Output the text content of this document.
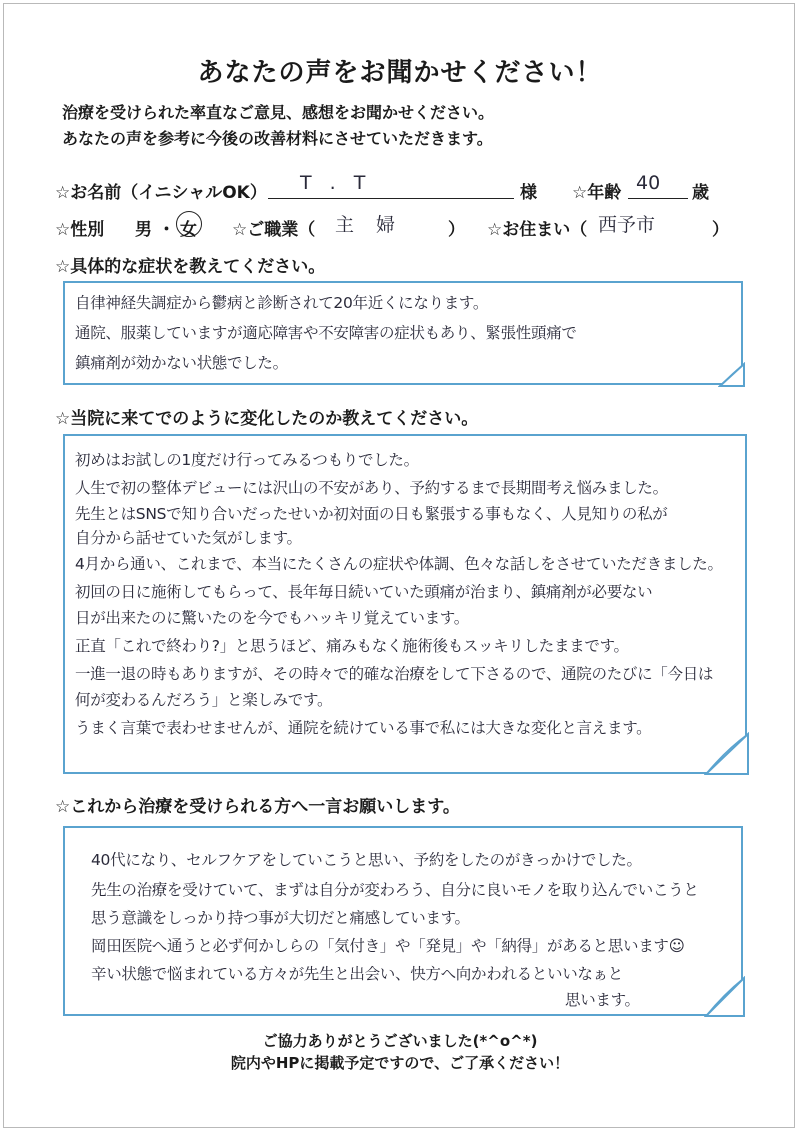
あなたの声をお聞かせください！
治療を受けられた率直なご意見、感想をお聞かせください。
あなたの声を参考に今後の改善材料にさせていただきます。
☆お名前（イニシャルOK） T . T	様 ☆年齢 40 歳
☆性別 男 ・ 女 ☆ご職業（ 主 婦	） ☆お住まい（ 西予市	）
☆具体的な症状を教えてください。
自律神経失調症から鬱病と診断されて20年近くになります。
通院、服薬していますが適応障害や不安障害の症状もあり、緊張性頭痛で
鎮痛剤が効かない状態でした。
☆当院に来てでのように変化したのか教えてください。
初めはお試しの1度だけ行ってみるつもりでした。
人生で初の整体デビューには沢山の不安があり、予約するまで長期間考え悩みました。
先生とはSNSで知り合いだったせいか初対面の日も緊張する事もなく、人見知りの私が
自分から話せていた気がします。
4月から通い、これまで、本当にたくさんの症状や体調、色々な話しをさせていただきました。
初回の日に施術してもらって、長年毎日続いていた頭痛が治まり、鎮痛剤が必要ない
日が出来たのに驚いたのを今でもハッキリ覚えています。
正直「これで終わり?」と思うほど、痛みもなく施術後もスッキリしたままです。
一進一退の時もありますが、その時々で的確な治療をして下さるので、通院のたびに「今日は
何が変わるんだろう」と楽しみです。
うまく言葉で表わせませんが、通院を続けている事で私には大きな変化と言えます。
☆これから治療を受けられる方へ一言お願いします。
40代になり、セルフケアをしていこうと思い、予約をしたのがきっかけでした。
先生の治療を受けていて、まずは自分が変わろう、自分に良いモノを取り込んでいこうと
思う意識をしっかり持つ事が大切だと痛感しています。
岡田医院へ通うと必ず何かしらの「気付き」や「発見」や「納得」があると思います☺
辛い状態で悩まれている方々が先生と出会い、快方へ向かわれるといいなぁと
思います。
ご協力ありがとうございました(*^o^*)
院内やHPに掲載予定ですので、ご了承ください！
